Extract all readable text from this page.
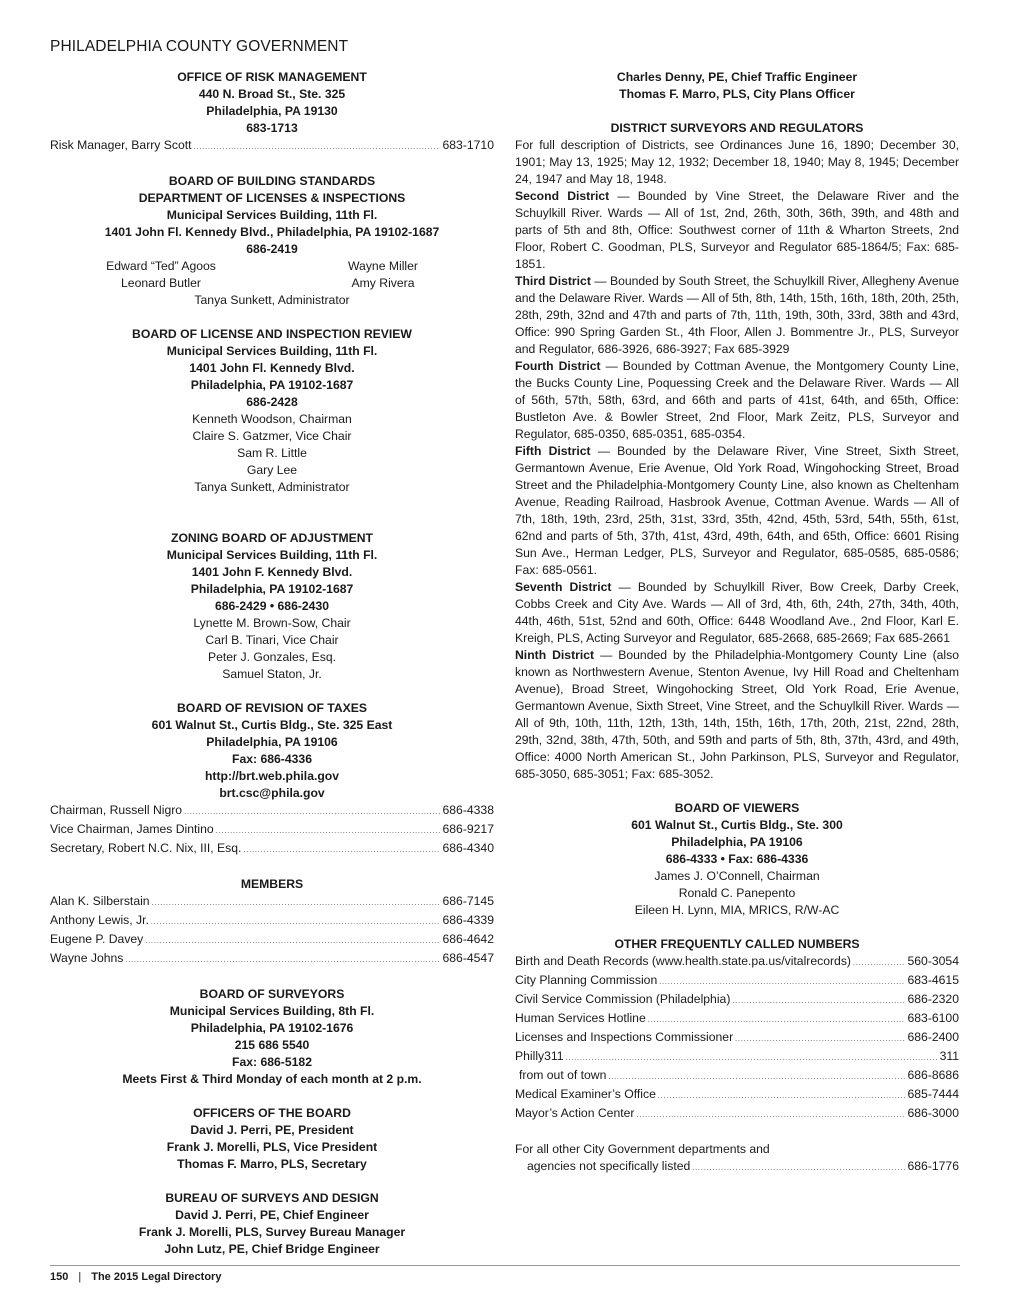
PHILADELPHIA COUNTY GOVERNMENT
OFFICE OF RISK MANAGEMENT
440 N. Broad St., Ste. 325
Philadelphia, PA 19130
683-1713
Risk Manager, Barry Scott . . .	683-1710
BOARD OF BUILDING STANDARDS
DEPARTMENT OF LICENSES & INSPECTIONS
Municipal Services Building, 11th Fl.
1401 John Fl. Kennedy Blvd., Philadelphia, PA 19102-1687
686-2419
Edward “Ted” Agoos	Wayne Miller
Leonard Butler	Amy Rivera
Tanya Sunkett, Administrator
BOARD OF LICENSE AND INSPECTION REVIEW
Municipal Services Building, 11th Fl.
1401 John Fl. Kennedy Blvd.
Philadelphia, PA 19102-1687
686-2428
Kenneth Woodson, Chairman
Claire S. Gatzmer, Vice Chair
Sam R. Little
Gary Lee
Tanya Sunkett, Administrator
ZONING BOARD OF ADJUSTMENT
Municipal Services Building, 11th Fl.
1401 John F. Kennedy Blvd.
Philadelphia, PA 19102-1687
686-2429 • 686-2430
Lynette M. Brown-Sow, Chair
Carl B. Tinari, Vice Chair
Peter J. Gonzales, Esq.
Samuel Staton, Jr.
BOARD OF REVISION OF TAXES
601 Walnut St., Curtis Bldg., Ste. 325 East
Philadelphia, PA 19106
Fax: 686-4336
http://brt.web.phila.gov
brt.csc@phila.gov
Chairman, Russell Nigro . . .	686-4338
Vice Chairman, James Dintino . . .	686-9217
Secretary, Robert N.C. Nix, III, Esq. . . .	686-4340
MEMBERS
Alan K. Silberstain . . .	686-7145
Anthony Lewis, Jr. . . .	686-4339
Eugene P. Davey . . .	686-4642
Wayne Johns . . .	686-4547
BOARD OF SURVEYORS
Municipal Services Building, 8th Fl.
Philadelphia, PA 19102-1676
215 686 5540
Fax: 686-5182
Meets First & Third Monday of each month at 2 p.m.
OFFICERS OF THE BOARD
David J. Perri, PE, President
Frank J. Morelli, PLS, Vice President
Thomas F. Marro, PLS, Secretary
BUREAU OF SURVEYS AND DESIGN
David J. Perri, PE, Chief Engineer
Frank J. Morelli, PLS, Survey Bureau Manager
John Lutz, PE, Chief Bridge Engineer
Charles Denny, PE, Chief Traffic Engineer
Thomas F. Marro, PLS, City Plans Officer
DISTRICT SURVEYORS AND REGULATORS
For full description of Districts, see Ordinances June 16, 1890; December 30, 1901; May 13, 1925; May 12, 1932; December 18, 1940; May 8, 1945; December 24, 1947 and May 18, 1948.
Second District — Bounded by Vine Street, the Delaware River and the Schuylkill River. Wards — All of 1st, 2nd, 26th, 30th, 36th, 39th, and 48th and parts of 5th and 8th, Office: Southwest corner of 11th & Wharton Streets, 2nd Floor, Robert C. Goodman, PLS, Surveyor and Regulator 685-1864/5; Fax: 685-1851.
Third District — Bounded by South Street, the Schuylkill River, Allegheny Avenue and the Delaware River. Wards — All of 5th, 8th, 14th, 15th, 16th, 18th, 20th, 25th, 28th, 29th, 32nd and 47th and parts of 7th, 11th, 19th, 30th, 33rd, 38th and 43rd, Office: 990 Spring Garden St., 4th Floor, Allen J. Bommentre Jr., PLS, Surveyor and Regulator, 686-3926, 686-3927; Fax 685-3929
Fourth District — Bounded by Cottman Avenue, the Montgomery County Line, the Bucks County Line, Poquessing Creek and the Delaware River. Wards — All of 56th, 57th, 58th, 63rd, and 66th and parts of 41st, 64th, and 65th, Office: Bustleton Ave. & Bowler Street, 2nd Floor, Mark Zeitz, PLS, Surveyor and Regulator, 685-0350, 685-0351, 685-0354.
Fifth District — Bounded by the Delaware River, Vine Street, Sixth Street, Germantown Avenue, Erie Avenue, Old York Road, Wingohocking Street, Broad Street and the Philadelphia-Montgomery County Line, also known as Cheltenham Avenue, Reading Railroad, Hasbrook Avenue, Cottman Avenue. Wards — All of 7th, 18th, 19th, 23rd, 25th, 31st, 33rd, 35th, 42nd, 45th, 53rd, 54th, 55th, 61st, 62nd and parts of 5th, 37th, 41st, 43rd, 49th, 64th, and 65th, Office: 6601 Rising Sun Ave., Herman Ledger, PLS, Surveyor and Regulator, 685-0585, 685-0586; Fax: 685-0561.
Seventh District — Bounded by Schuylkill River, Bow Creek, Darby Creek, Cobbs Creek and City Ave. Wards — All of 3rd, 4th, 6th, 24th, 27th, 34th, 40th, 44th, 46th, 51st, 52nd and 60th, Office: 6448 Woodland Ave., 2nd Floor, Karl E. Kreigh, PLS, Acting Surveyor and Regulator, 685-2668, 685-2669; Fax 685-2661
Ninth District — Bounded by the Philadelphia-Montgomery County Line (also known as Northwestern Avenue, Stenton Avenue, Ivy Hill Road and Cheltenham Avenue), Broad Street, Wingohocking Street, Old York Road, Erie Avenue, Germantown Avenue, Sixth Street, Vine Street, and the Schuylkill River. Wards — All of 9th, 10th, 11th, 12th, 13th, 14th, 15th, 16th, 17th, 20th, 21st, 22nd, 28th, 29th, 32nd, 38th, 47th, 50th, and 59th and parts of 5th, 8th, 37th, 43rd, and 49th, Office: 4000 North American St., John Parkinson, PLS, Surveyor and Regulator, 685-3050, 685-3051; Fax: 685-3052.
BOARD OF VIEWERS
601 Walnut St., Curtis Bldg., Ste. 300
Philadelphia, PA 19106
686-4333 • Fax: 686-4336
James J. O’Connell, Chairman
Ronald C. Panepento
Eileen H. Lynn, MIA, MRICS, R/W-AC
OTHER FREQUENTLY CALLED NUMBERS
Birth and Death Records (www.health.state.pa.us/vitalrecords) . . .	560-3054
City Planning Commission . . .	683-4615
Civil Service Commission (Philadelphia) . . .	686-2320
Human Services Hotline . . .	683-6100
Licenses and Inspections Commissioner . . .	686-2400
Philly311 . . .	311
from out of town . . .	686-8686
Medical Examiner’s Office . . .	685-7444
Mayor’s Action Center . . .	686-3000
For all other City Government departments and
agencies not specifically listed . . .	686-1776
150 | The 2015 Legal Directory
